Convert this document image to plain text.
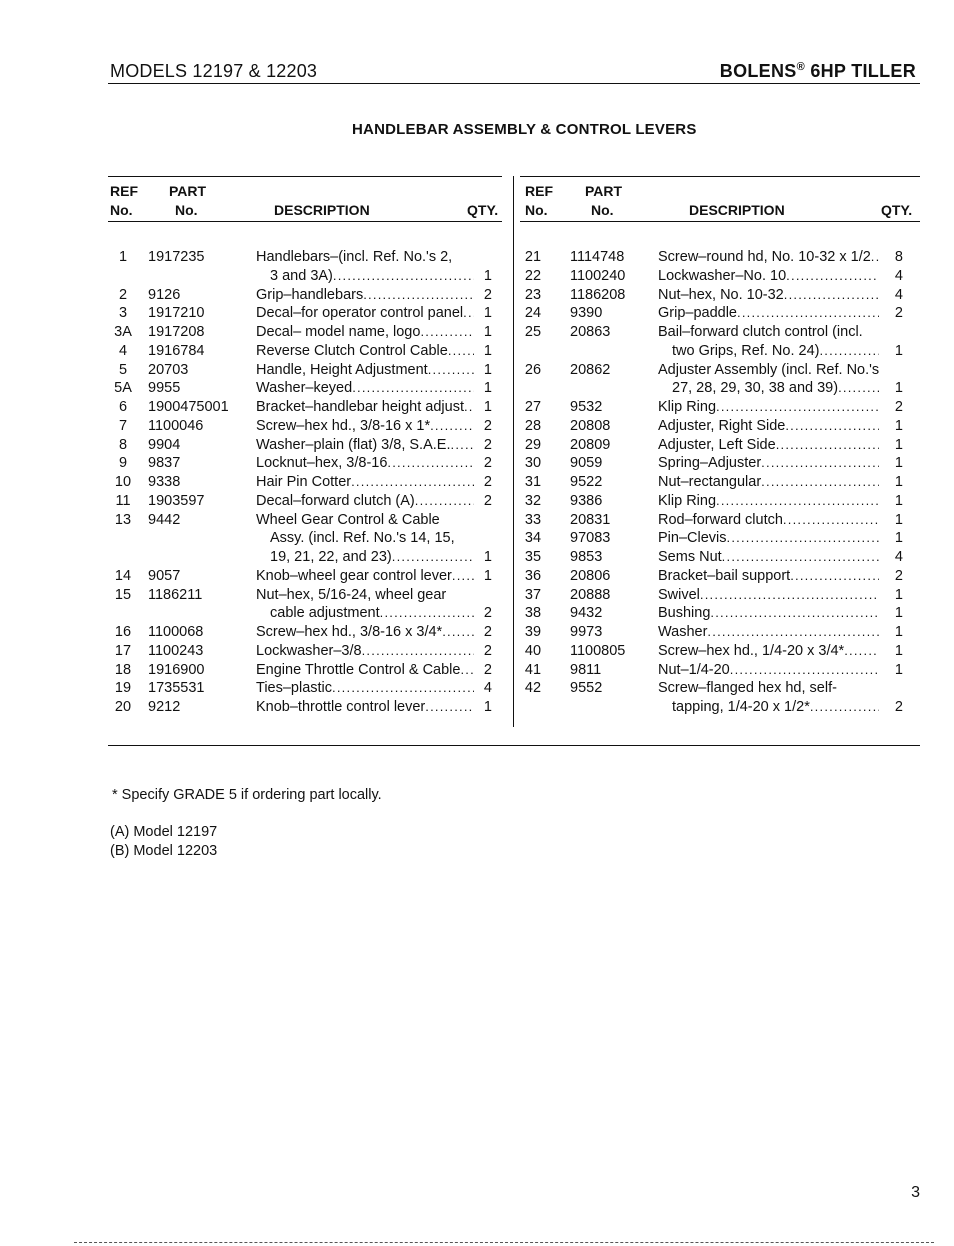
MODELS 12197 & 12203	BOLENS® 6HP TILLER
HANDLEBAR ASSEMBLY & CONTROL LEVERS
REF
No.
PART
No.	DESCRIPTION	QTY.
REF
No.
PART
No.	DESCRIPTION	QTY.
1	1917235	Handlebars–(incl. Ref. No.'s 2,
3 and 3A) . . .	1
2	9126	Grip–handlebars . . .	2
3	1917210	Decal–for operator control panel . . .	1
3A	1917208	Decal– model name, logo . . .	1
4	1916784	Reverse Clutch Control Cable . . .	1
5	20703	Handle, Height Adjustment . . .	1
5A	9955	Washer–keyed . . .	1
6	1900475001	Bracket–handlebar height adjust . . .	1
7	1100046	Screw–hex hd., 3/8-16 x 1* . . .	2
8	9904	Washer–plain (flat) 3/8, S.A.E. . . .	2
9	9837	Locknut–hex, 3/8-16 . . .	2
10	9338	Hair Pin Cotter . . .	2
11	1903597	Decal–forward clutch (A) . . .	2
13	9442	Wheel Gear Control & Cable
Assy. (incl. Ref. No.'s 14, 15,
19, 21, 22, and 23) . . .	1
14	9057	Knob–wheel gear control lever . . .	1
15	1186211	Nut–hex, 5/16-24, wheel gear
cable adjustment . . .	2
16	1100068	Screw–hex hd., 3/8-16 x 3/4* . . .	2
17	1100243	Lockwasher–3/8 . . .	2
18	1916900	Engine Throttle Control & Cable . . .	2
19	1735531	Ties–plastic . . .	4
20	9212	Knob–throttle control lever . . .	1
21	1114748	Screw–round hd, No. 10-32 x 1/2 . . .	8
22	1100240	Lockwasher–No. 10 . . .	4
23	1186208	Nut–hex, No. 10-32 . . .	4
24	9390	Grip–paddle . . .	2
25	20863	Bail–forward clutch control (incl.
two Grips, Ref. No. 24) . . .	1
26	20862	Adjuster Assembly (incl. Ref. No.'s
27, 28, 29, 30, 38 and 39) . . .	1
27	9532	Klip Ring . . .	2
28	20808	Adjuster, Right Side . . .	1
29	20809	Adjuster, Left Side . . .	1
30	9059	Spring–Adjuster . . .	1
31	9522	Nut–rectangular . . .	1
32	9386	Klip Ring . . .	1
33	20831	Rod–forward clutch . . .	1
34	97083	Pin–Clevis . . .	1
35	9853	Sems Nut . . .	4
36	20806	Bracket–bail support . . .	2
37	20888	Swivel . . .	1
38	9432	Bushing . . .	1
39	9973	Washer . . .	1
40	1100805	Screw–hex hd., 1/4-20 x 3/4* . . .	1
41	9811	Nut–1/4-20 . . .	1
42	9552	Screw–flanged hex hd, self-
tapping, 1/4-20 x 1/2* . . .	2
* Specify GRADE 5 if ordering part locally.
(A) Model 12197
(B) Model 12203
3
